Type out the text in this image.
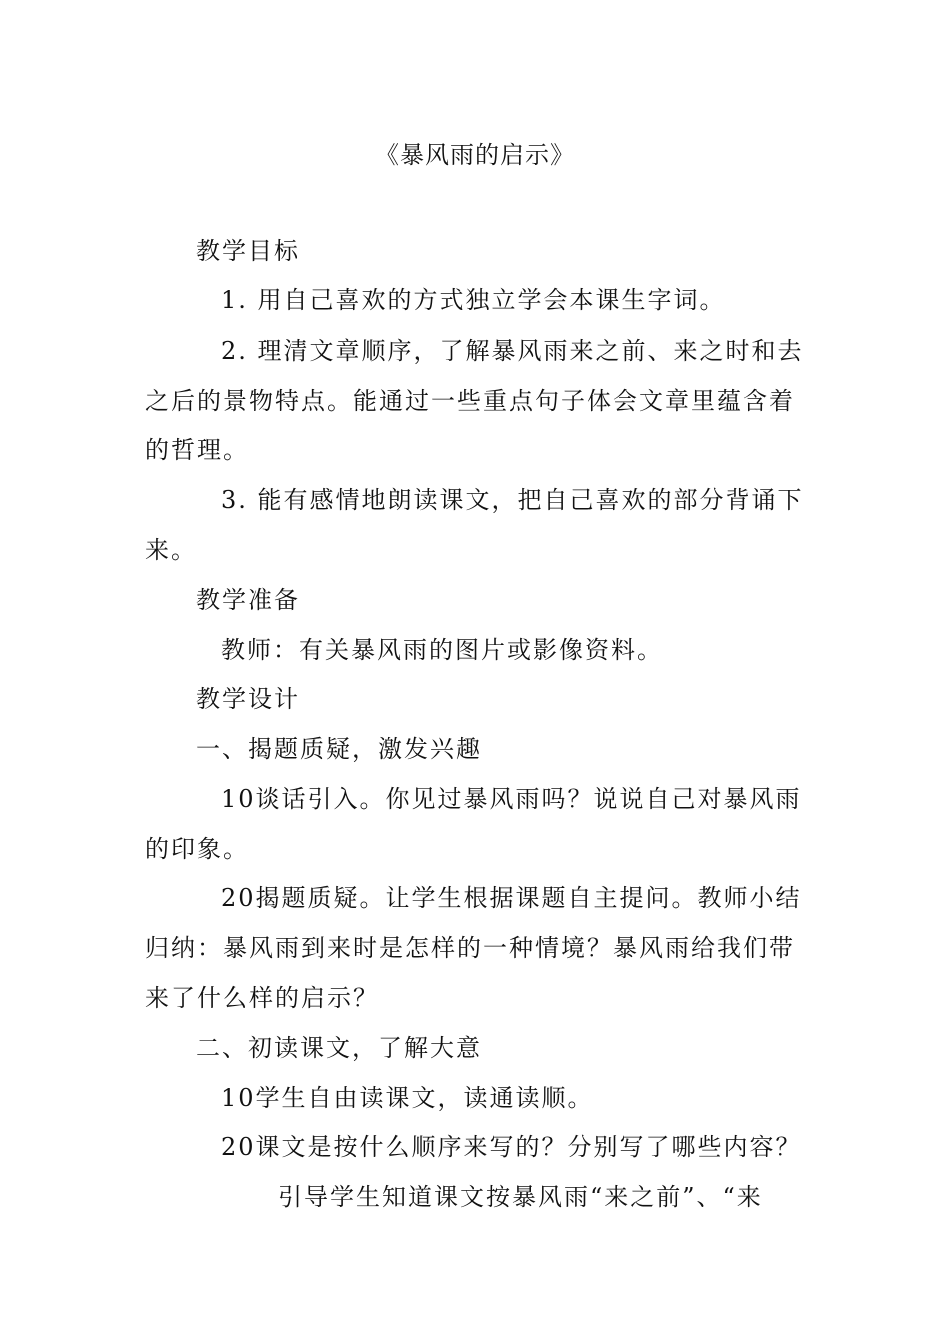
《暴风雨的启示》
教学目标
1. 用自己喜欢的方式独立学会本课生字词。
2. 理清文章顺序，了解暴风雨来之前、来之时和去
之后的景物特点。能通过一些重点句子体会文章里蕴含着
的哲理。
3. 能有感情地朗读课文，把自己喜欢的部分背诵下
来。
教学准备
教师：有关暴风雨的图片或影像资料。
教学设计
一、揭题质疑，激发兴趣
10谈话引入。你见过暴风雨吗？说说自己对暴风雨
的印象。
20揭题质疑。让学生根据课题自主提问。教师小结
归纳：暴风雨到来时是怎样的一种情境？暴风雨给我们带
来了什么样的启示？
二、初读课文，了解大意
10学生自由读课文，读通读顺。
20课文是按什么顺序来写的？分别写了哪些内容？
引导学生知道课文按暴风雨“来之前”、“来
